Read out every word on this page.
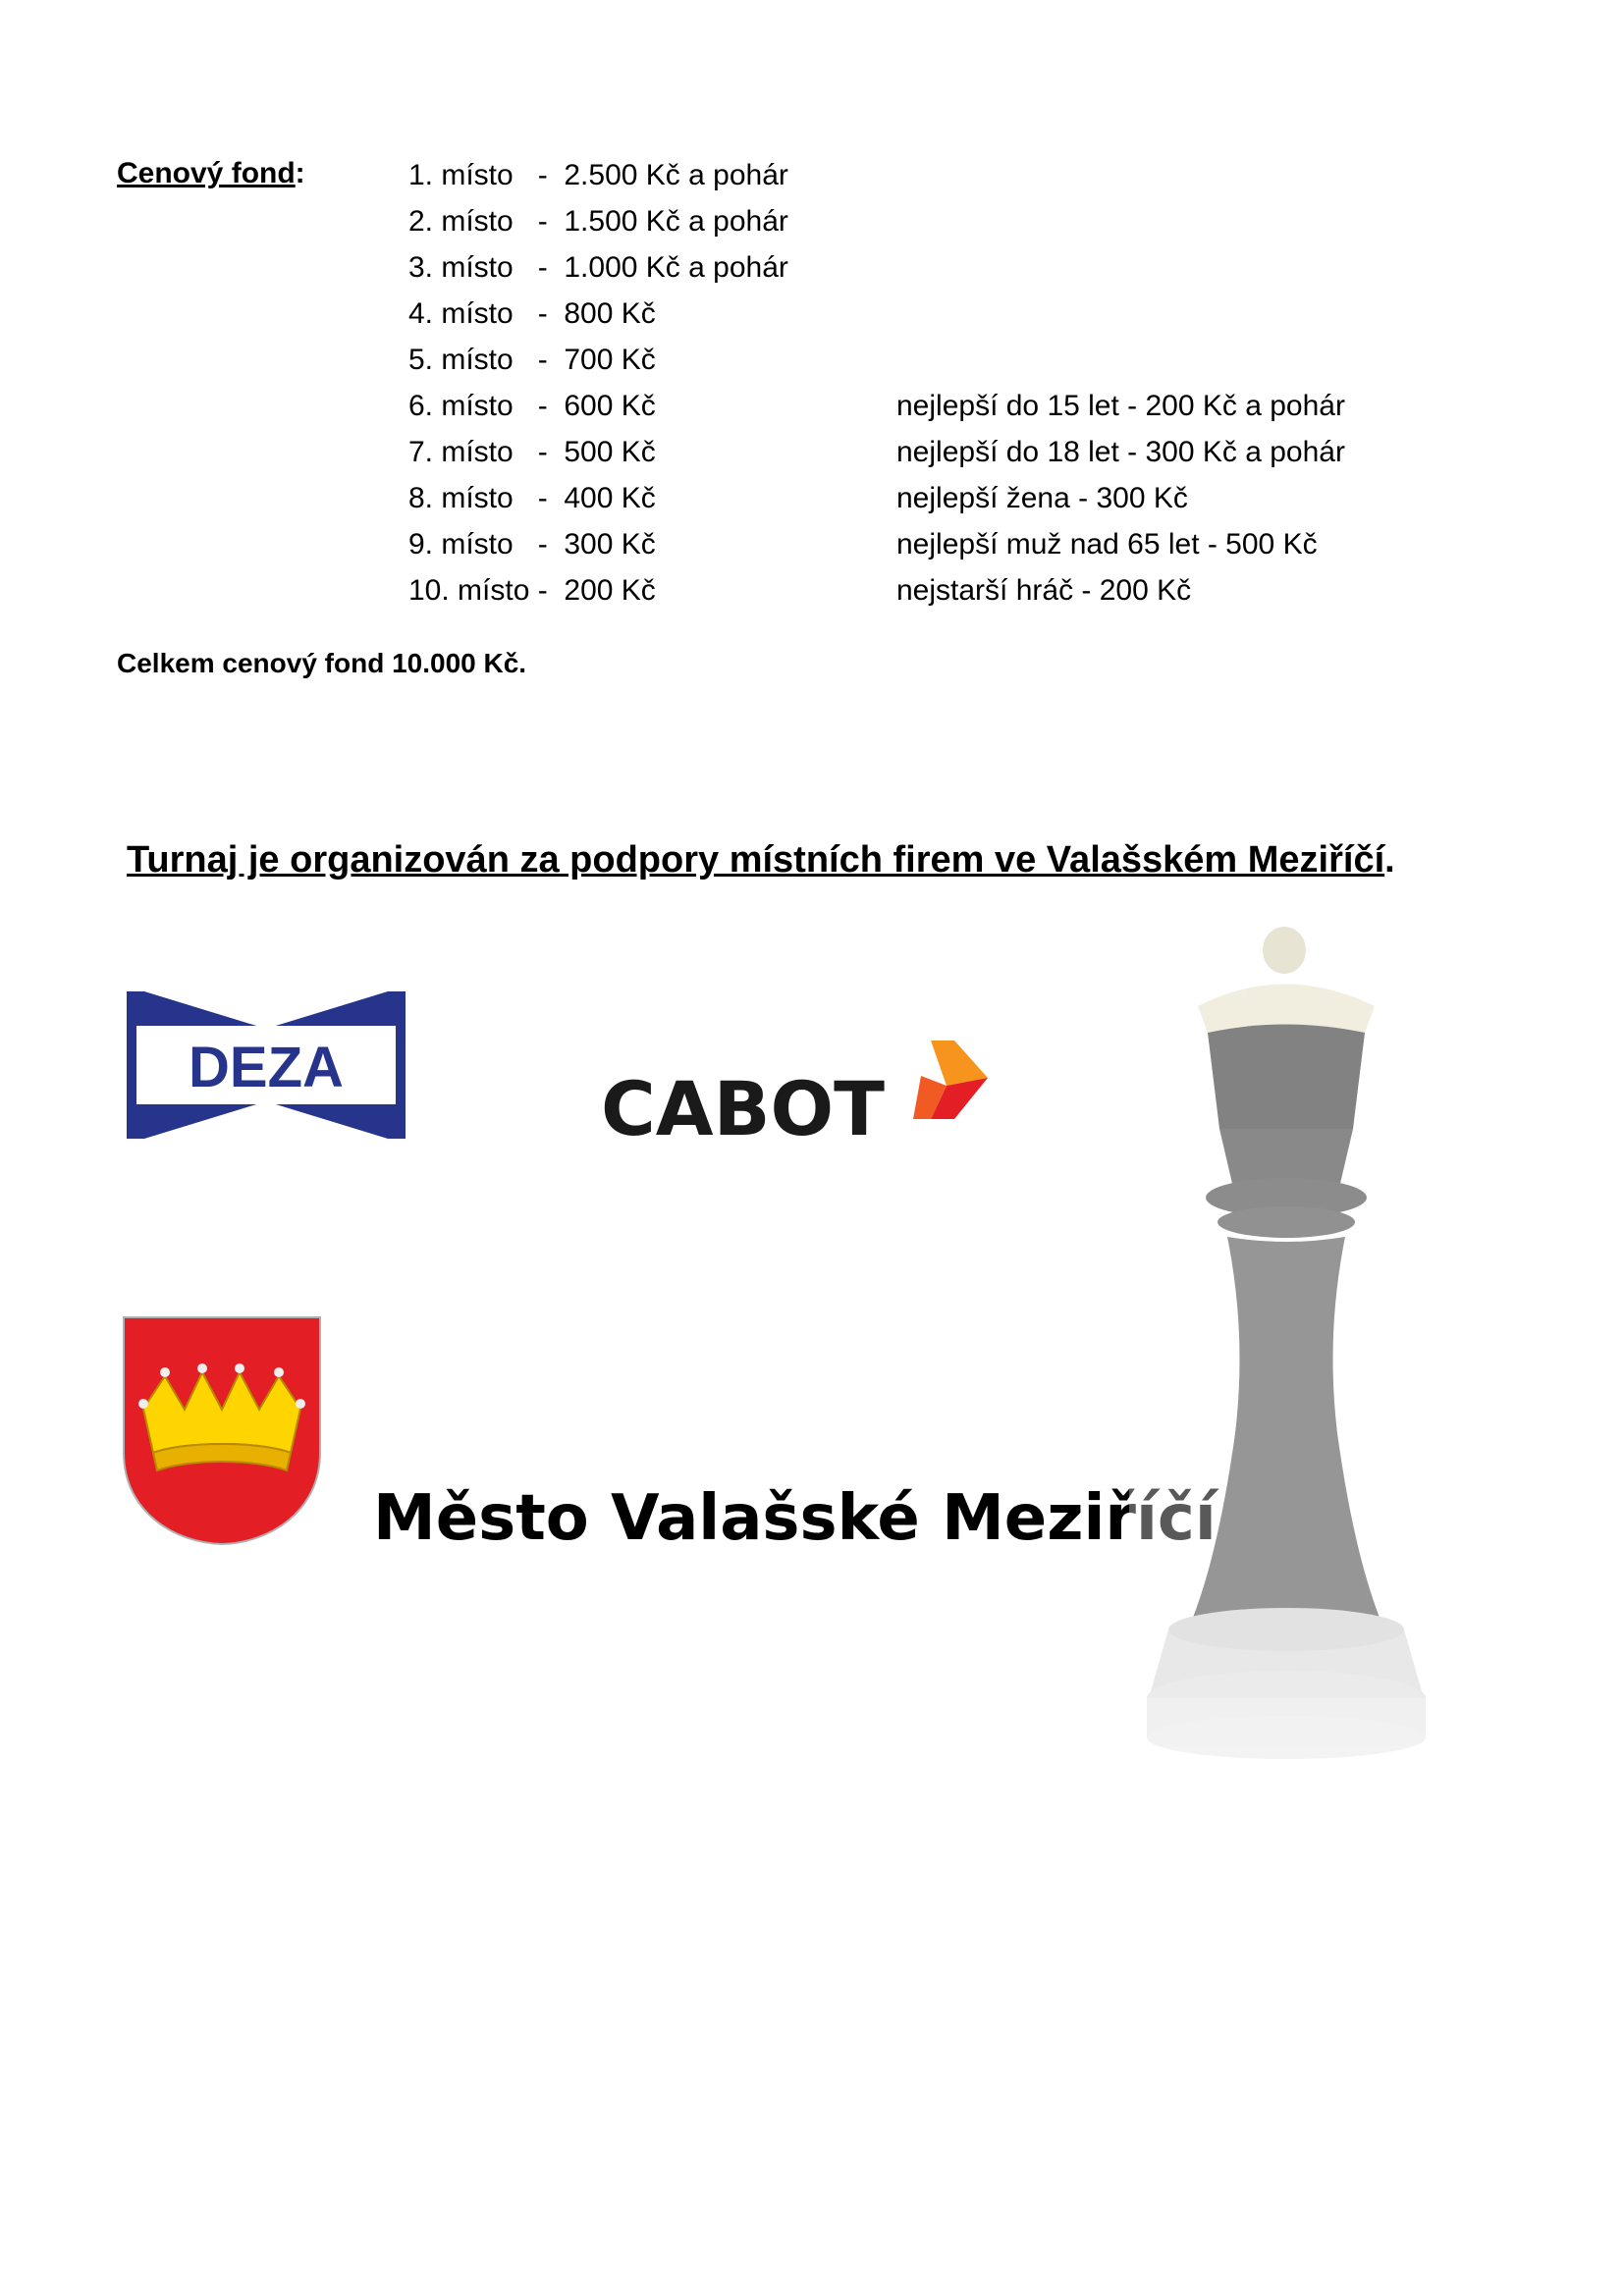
Cenový fond:	1. místo   -  2.500 Kč a pohár
2. místo   -  1.500 Kč a pohár
3. místo   -  1.000 Kč a pohár
4. místo   -  800 Kč
5. místo   -  700 Kč
6. místo   -  600 Kč
7. místo   -  500 Kč
8. místo   -  400 Kč
9. místo   -  300 Kč
10. místo -  200 Kč
nejlepší do 15 let - 200 Kč a pohár
nejlepší do 18 let - 300 Kč a pohár
nejlepší žena - 300 Kč
nejlepší muž nad 65 let - 500 Kč
nejstarší hráč - 200 Kč
Celkem cenový fond 10.000 Kč.
Turnaj je organizován za podpory místních firem ve Valašském Meziříčí.
DEZA	CABOT
Město Valašské Meziříčí
